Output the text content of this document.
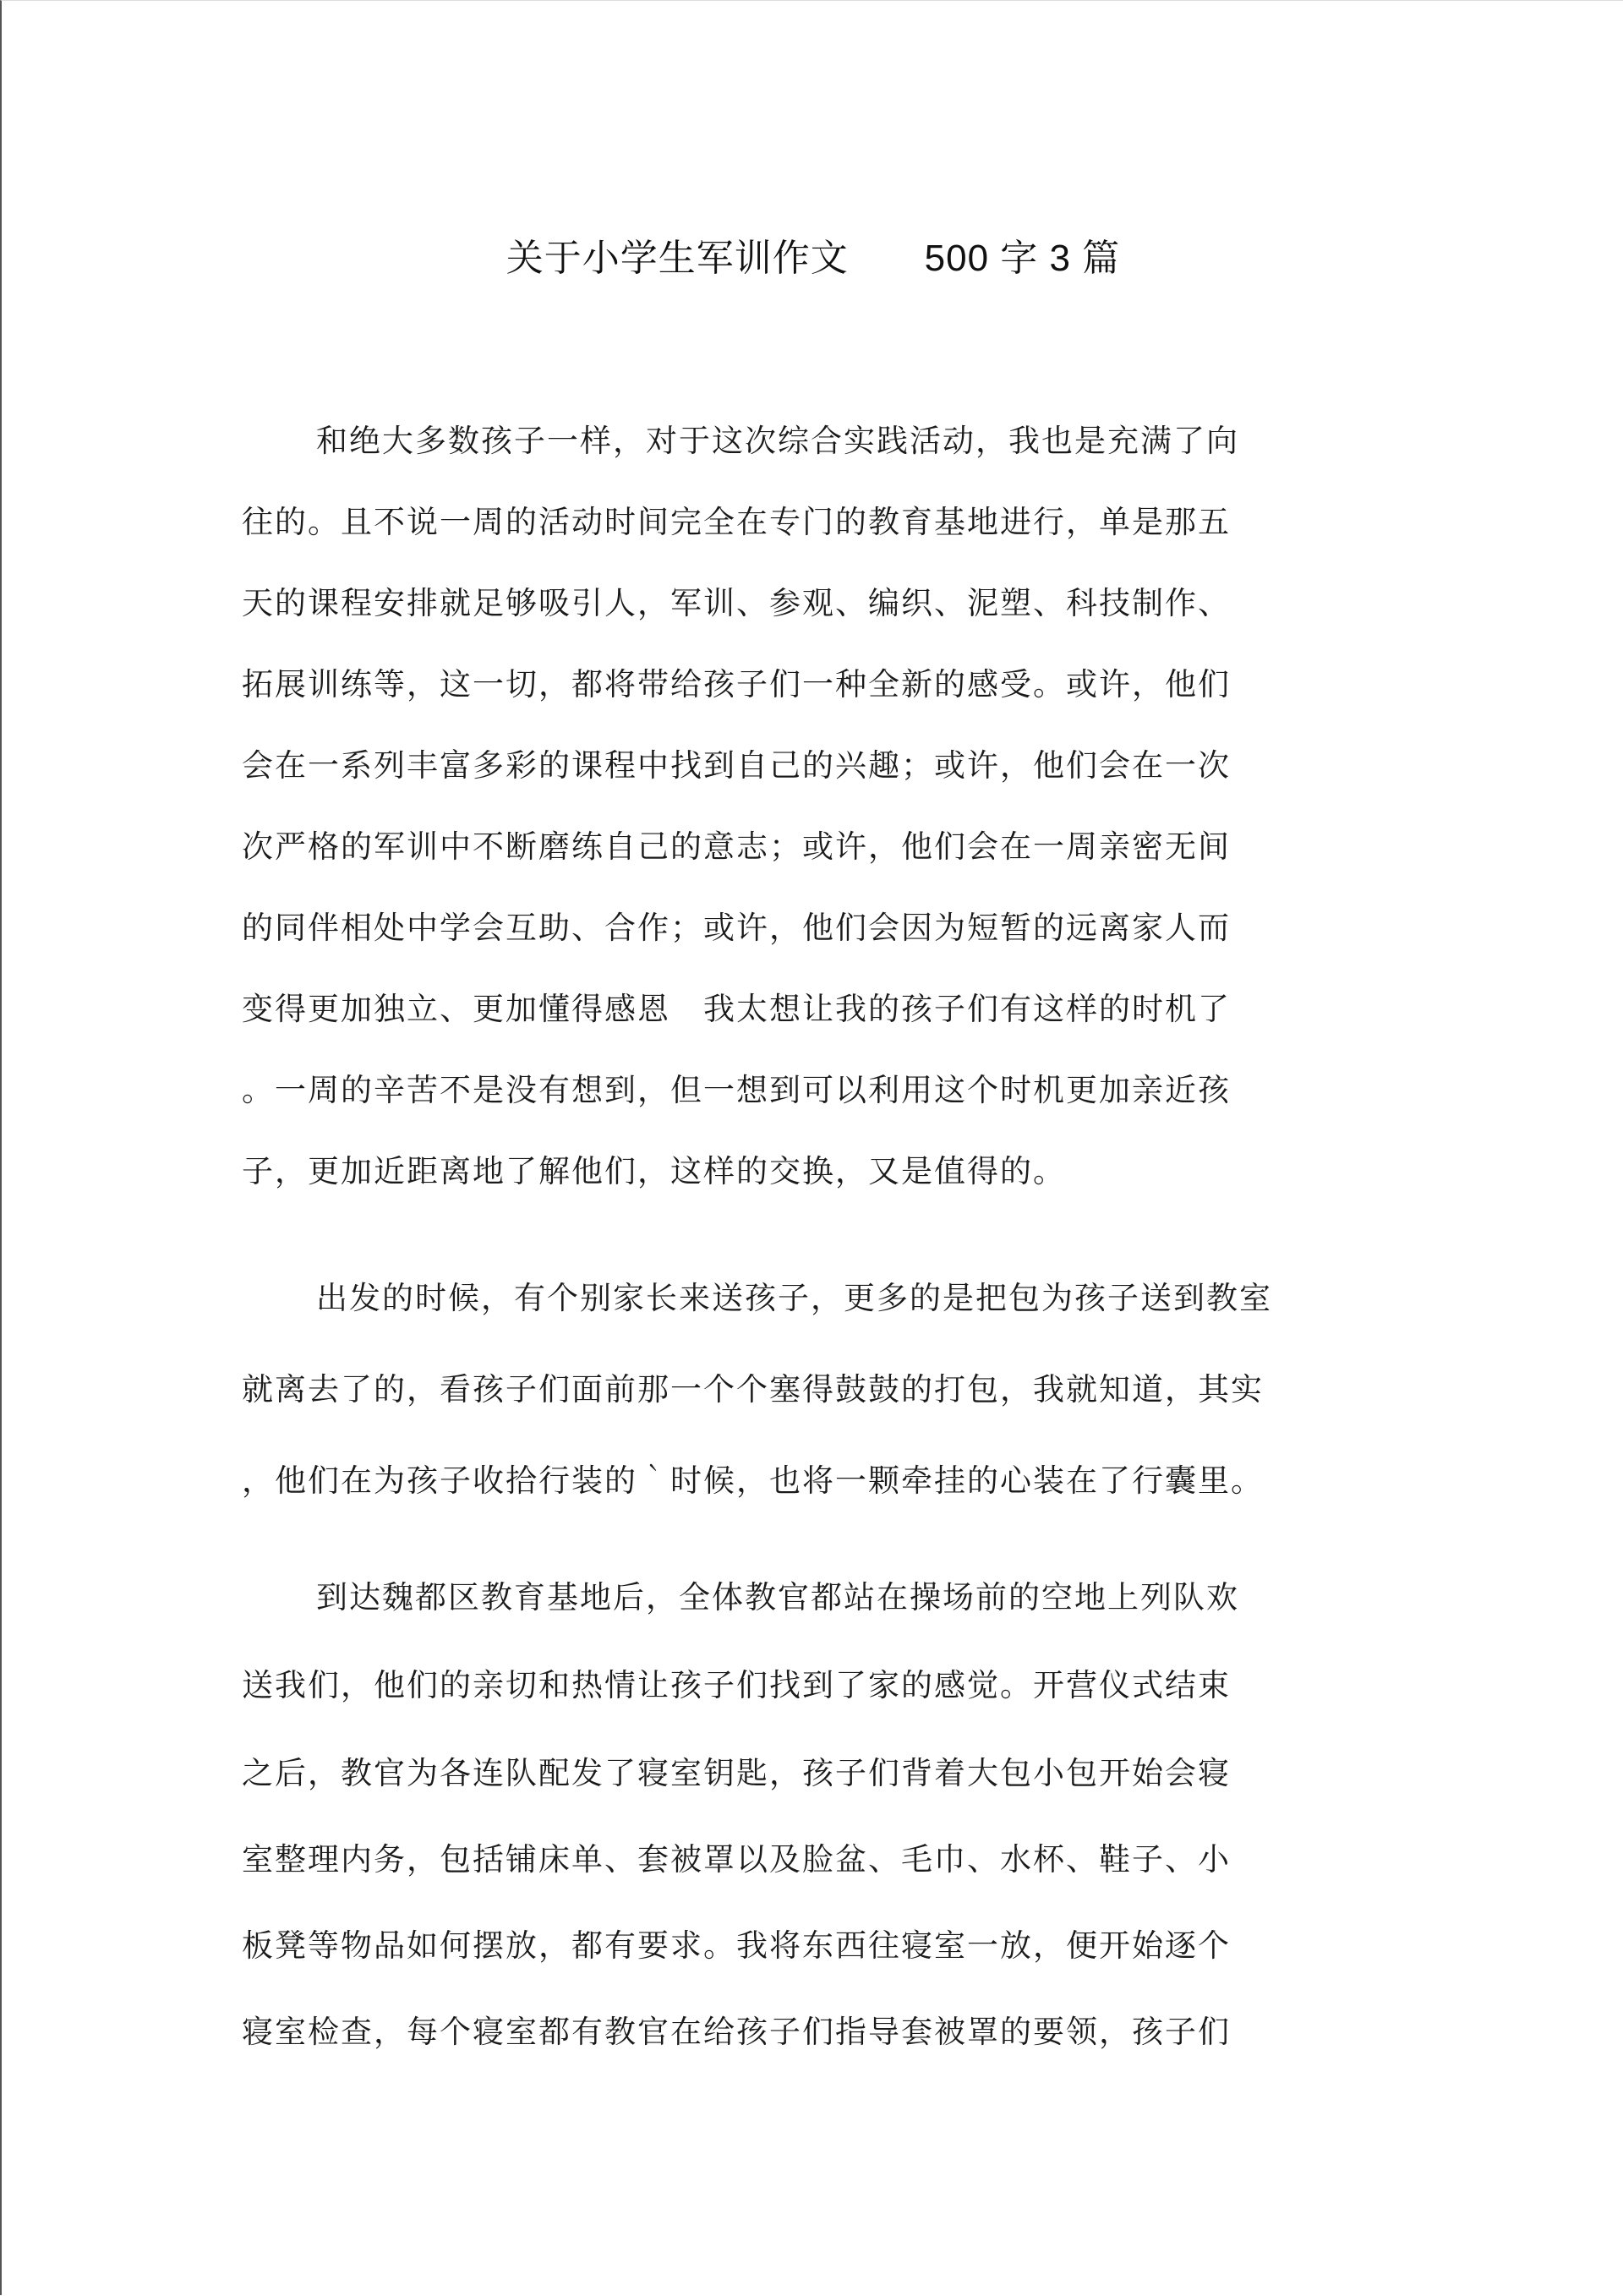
关于小学生军训作文 500 字 3 篇
和绝大多数孩子一样，对于这次综合实践活动，我也是充满了向
往的。且不说一周的活动时间完全在专门的教育基地进行，单是那五
天的课程安排就足够吸引人，军训、参观、编织、泥塑、科技制作、
拓展训练等，这一切，都将带给孩子们一种全新的感受。或许，他们
会在一系列丰富多彩的课程中找到自己的兴趣；或许，他们会在一次
次严格的军训中不断磨练自己的意志；或许，他们会在一周亲密无间
的同伴相处中学会互助、合作；或许，他们会因为短暂的远离家人而
变得更加独立、更加懂得感恩　我太想让我的孩子们有这样的时机了
。一周的辛苦不是没有想到，但一想到可以利用这个时机更加亲近孩
子，更加近距离地了解他们，这样的交换，又是值得的。
出发的时候，有个别家长来送孩子，更多的是把包为孩子送到教室
就离去了的，看孩子们面前那一个个塞得鼓鼓的打包，我就知道，其实
，他们在为孩子收拾行装的｀时候，也将一颗牵挂的心装在了行囊里。
到达魏都区教育基地后，全体教官都站在操场前的空地上列队欢
送我们，他们的亲切和热情让孩子们找到了家的感觉。开营仪式结束
之后，教官为各连队配发了寝室钥匙，孩子们背着大包小包开始会寝
室整理内务，包括铺床单、套被罩以及脸盆、毛巾、水杯、鞋子、小
板凳等物品如何摆放，都有要求。我将东西往寝室一放，便开始逐个
寝室检查，每个寝室都有教官在给孩子们指导套被罩的要领，孩子们
